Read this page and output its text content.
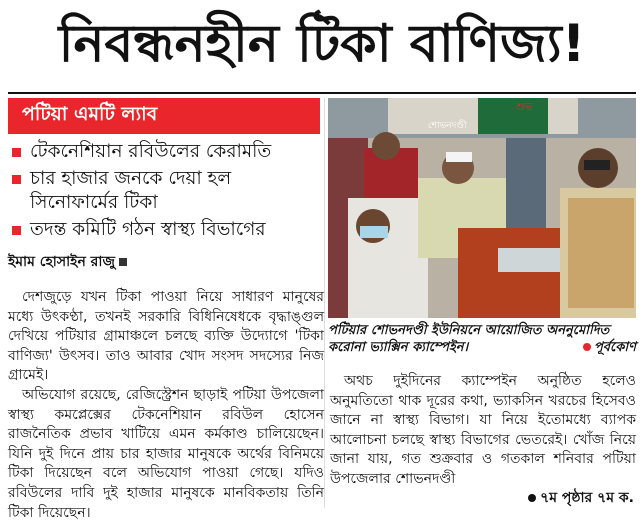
নিবন্ধনহীন টিকা বাণিজ্য!
পটিয়া এমটি ল্যাব
টেকনেশিয়ান রবিউলের কেরামতি
চার হাজার জনকে দেয়া হল সিনোফার্মের টিকা
তদন্ত কমিটি গঠন স্বাস্থ্য বিভাগের
ইমাম হোসাইন রাজু

দেশজুড়ে যখন টিকা পাওয়া নিয়ে সাধারণ মানুষের মধ্যে উৎকণ্ঠা, তখনই সরকারি বিধিনিষেধকে বৃদ্ধাঙ্গুল দেখিয়ে পটিয়ার গ্রামাঞ্চলে চলছে ব্যক্তি উদ্যোগে 'টিকা বাণিজ্য' উৎসব। তাও আবার খোদ সংসদ সদস্যের নিজ গ্রামেই।

অভিযোগ রয়েছে, রেজিস্ট্রেশন ছাড়াই পটিয়া উপজেলা স্বাস্থ্য কমপ্লেক্সের টেকনেশিয়ান রবিউল হোসেন রাজনৈতিক প্রভাব খাটিয়ে এমন কর্মকাণ্ড চালিয়েছেন। যিনি দুই দিনে প্রায় চার হাজার মানুষকে অর্থের বিনিময়ে টিকা দিয়েছেন বলে অভিযোগ পাওয়া গেছে। যদিও রবিউলের দাবি দুই হাজার মানুষকে মানবিকতায় তিনি টিকা দিয়েছেন।

শুভ
শোভনদণ্ডী
পটিয়ার শোভনদণ্ডী ইউনিয়নে আয়োজিত অননুমোদিত করোনা ভ্যাক্সিন ক্যাম্পেইন।	পূর্বকোণ

অথচ দুইদিনের ক্যাম্পেইন অনুষ্ঠিত হলেও অনুমতিতো থাক দূরের কথা, ভ্যাকসিন খরচের হিসেবও জানে না স্বাস্থ্য বিভাগ। যা নিয়ে ইতোমধ্যে ব্যাপক আলোচনা চলছে স্বাস্থ্য বিভাগের ভেতরেই। খোঁজ নিয়ে জানা যায়, গত শুক্রবার ও গতকাল শনিবার পটিয়া উপজেলার শোভনদণ্ডী

৭ম পৃষ্ঠার ৭ম ক.
